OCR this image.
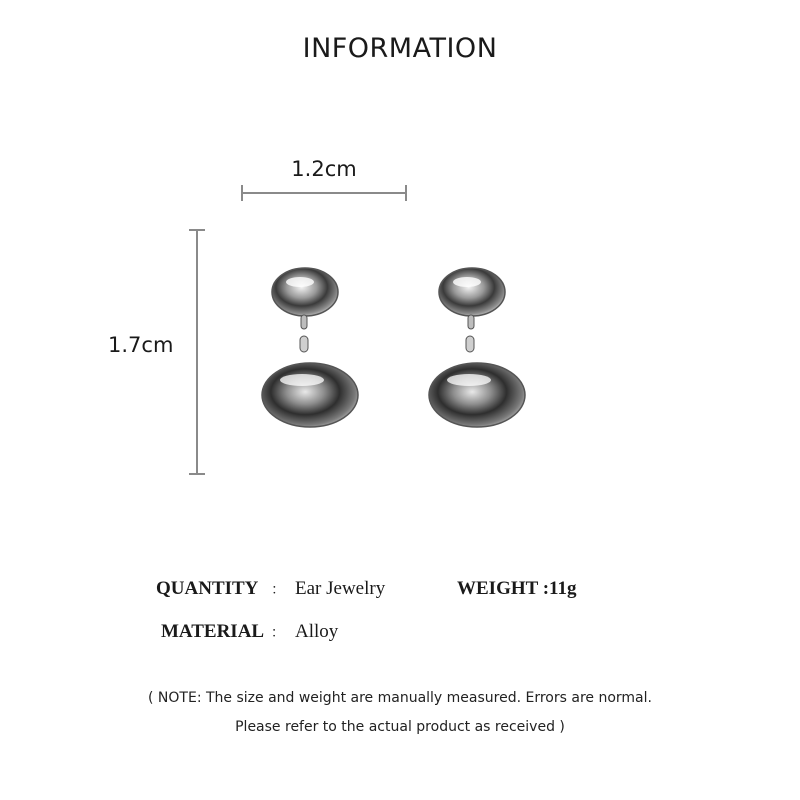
INFORMATION
1.2cm
1.7cm
QUANTITY ： Ear Jewelry	WEIGHT :11g
MATERIAL ： Alloy
( NOTE: The size and weight are manually measured. Errors are normal.
Please refer to the actual product as received )
